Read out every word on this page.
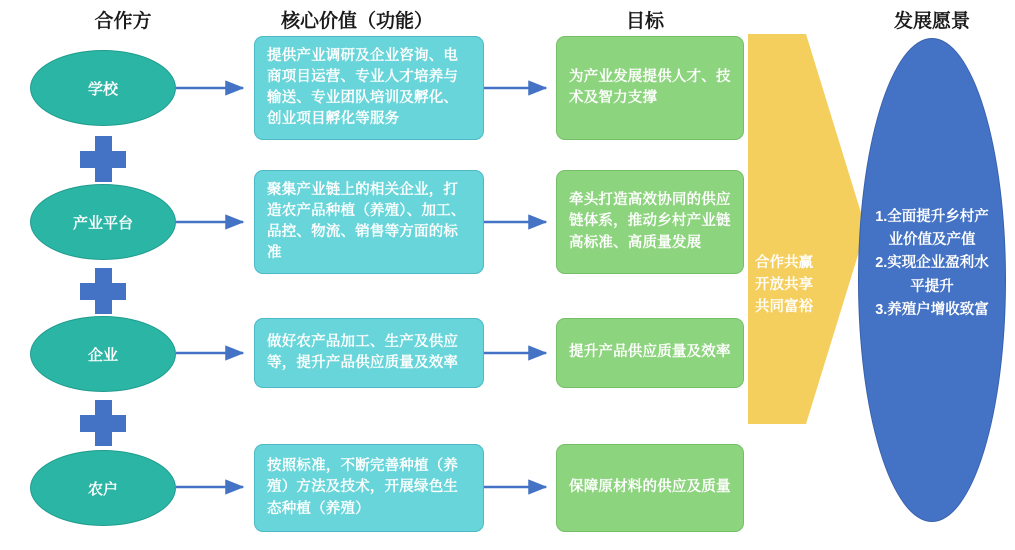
合作方	核心价值（功能）	目标	发展愿景
合作共赢
开放共享
共同富裕
学校
产业平台
企业
农户
提供产业调研及企业咨询、电商项目运营、专业人才培养与输送、专业团队培训及孵化、创业项目孵化等服务
聚集产业链上的相关企业，打造农产品种植（养殖）、加工、品控、物流、销售等方面的标准
做好农产品加工、生产及供应等，提升产品供应质量及效率
按照标准，不断完善种植（养殖）方法及技术，开展绿色生态种植（养殖）
为产业发展提供人才、技术及智力支撑
牵头打造高效协同的供应链体系，推动乡村产业链高标准、高质量发展
提升产品供应质量及效率
保障原材料的供应及质量
1.全面提升乡村产业价值及产值
2.实现企业盈利水平提升
3.养殖户增收致富
